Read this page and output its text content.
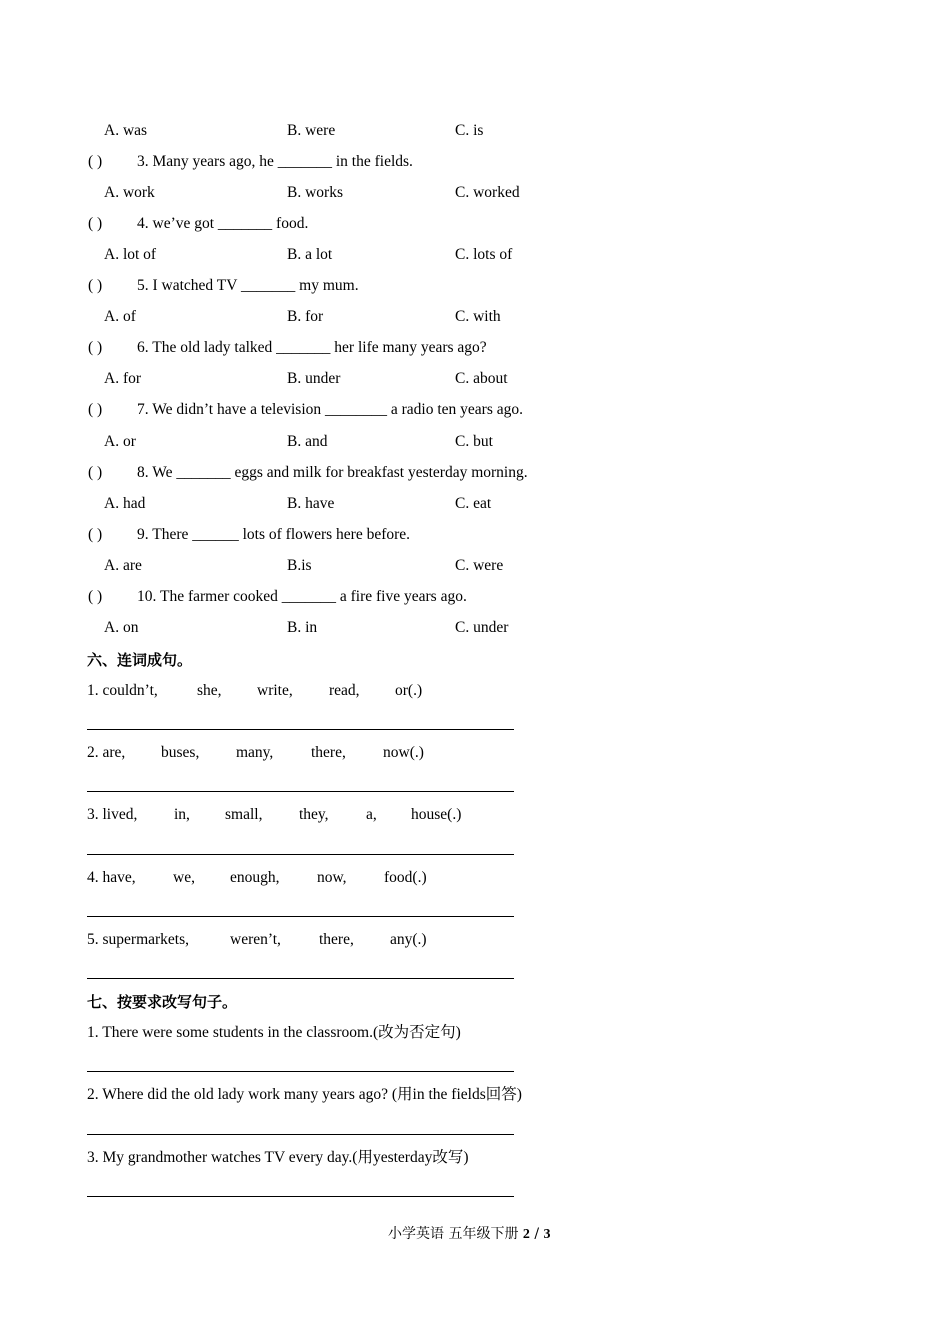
A. was	B. were	C. is
( ) 3. Many years ago, he _______ in the fields.
A. work	B. works	C. worked
( ) 4. we’ve got _______ food.
A. lot of	B. a lot	C. lots of
( ) 5. I watched TV _______ my mum.
A. of	B. for	C. with
( ) 6. The old lady talked _______ her life many years ago?
A. for	B. under	C. about
( ) 7. We didn’t have a television ________ a radio ten years ago.
A. or	B. and	C. but
( ) 8. We _______ eggs and milk for breakfast yesterday morning.
A. had	B. have	C. eat
( ) 9. There ______ lots of flowers here before.
A. are	B.is	C. were
( ) 10. The farmer cooked _______ a fire five years ago.
A. on	B. in	C. under
六、连词成句。
1. couldn’t,	she, write, read, or(.)
2. are, buses, many, there, now(.)
3. lived, in, small, they, a, house(.)
4. have, we, enough, now, food(.)
5. supermarkets,	weren’t, there, any(.)
七、按要求改写句子。
1. There were some students in the classroom.(改为否定句)
2. Where did the old lady work many years ago? (用in the fields回答)
3. My grandmother watches TV every day.(用yesterday改写)
小学英语 五年级下册 2 / 3
